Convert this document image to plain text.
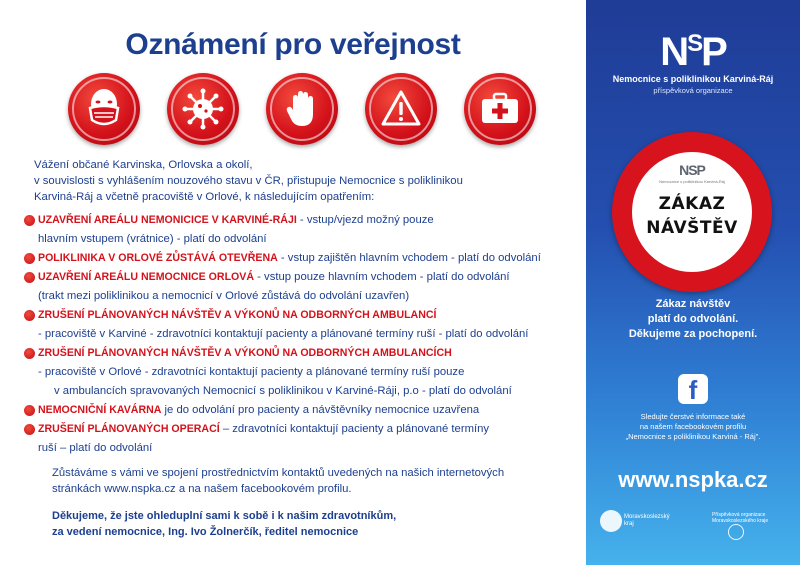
Oznámení pro veřejnost
Vážení občané Karvinska, Orlovska a okolí,
v souvislosti s vyhlášením nouzového stavu v ČR, přistupuje Nemocnice s poliklinikou
Karviná-Ráj a včetně pracoviště v Orlové, k následujícím opatřením:
UZAVŘENÍ AREÁLU NEMONICICE V KARVINÉ-RÁJI - vstup/vjezd možný pouze
hlavním vstupem (vrátnice) - platí do odvolání
POLIKLINIKA V ORLOVÉ ZŮSTÁVÁ OTEVŘENA - vstup zajištěn hlavním vchodem - platí do odvolání
UZAVŘENÍ AREÁLU NEMOCNICE ORLOVÁ - vstup pouze hlavním vchodem - platí do odvolání
(trakt mezi poliklinikou a nemocnicí v Orlové zůstává do odvolání uzavřen)
ZRUŠENÍ PLÁNOVANÝCH NÁVŠTĚV A VÝKONŮ NA ODBORNÝCH AMBULANCÍ
- pracoviště v Karviné - zdravotníci kontaktují pacienty a plánované termíny ruší - platí do odvolání
ZRUŠENÍ PLÁNOVANÝCH NÁVŠTĚV A VÝKONŮ NA ODBORNÝCH AMBULANCÍCH
- pracoviště v Orlové - zdravotníci kontaktují pacienty a plánované termíny ruší pouze
v ambulancích spravovaných Nemocnicí s poliklinikou v Karviné-Ráji, p.o - platí do odvolání
NEMOCNIČNÍ KAVÁRNA je do odvolání pro pacienty a návštěvníky nemocnice uzavřena
ZRUŠENÍ PLÁNOVANÝCH OPERACÍ – zdravotníci kontaktují pacienty a plánované termíny
ruší – platí do odvolání
Zůstáváme s vámi ve spojení prostřednictvím kontaktů uvedených na našich internetových
stránkách www.nspka.cz a na našem facebookovém profilu.
Děkujeme, že jste ohleduplní sami k sobě i k našim zdravotníkům,
za vedení nemocnice, Ing. Ivo Žolnerčík, ředitel nemocnice
$N^SP$
Nemocnice s poliklinikou Karviná-Ráj
příspěvková organizace
NSP
Nemocnice s poliklinikou Karviná-Ráj
ZÁKAZ
NÁVŠTĚV
Zákaz návštěv
platí do odvolání.
Děkujeme za pochopení.
f
Sledujte čerstvé informace také
na našem facebookovém profilu
„Nemocnice s poliklinikou Karviná - Ráj".
www.nspka.cz
Moravskoslezský
kraj
Příspěvková organizace
Moravskoslezského kraje
